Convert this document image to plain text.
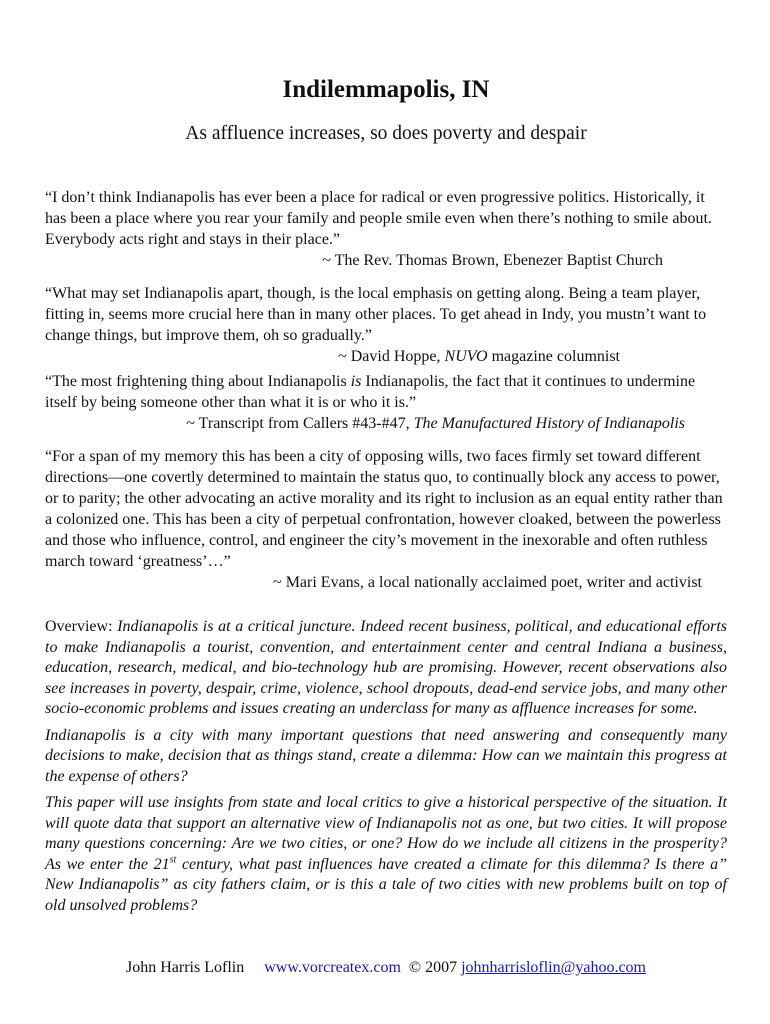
Indilemmapolis, IN
As affluence increases, so does poverty and despair

“I don’t think Indianapolis has ever been a place for radical or even progressive politics. Historically, it has been a place where you rear your family and people smile even when there’s nothing to smile about. Everybody acts right and stays in their place.”

~ The Rev. Thomas Brown, Ebenezer Baptist Church

“What may set Indianapolis apart, though, is the local emphasis on getting along. Being a team player, fitting in, seems more crucial here than in many other places. To get ahead in Indy, you mustn’t want to change things, but improve them, oh so gradually.”

~ David Hoppe, NUVO magazine columnist

“The most frightening thing about Indianapolis is Indianapolis, the fact that it continues to undermine itself by being someone other than what it is or who it is.”

~ Transcript from Callers #43-#47, The Manufactured History of Indianapolis

“For a span of my memory this has been a city of opposing wills, two faces firmly set toward different directions—one covertly determined to maintain the status quo, to continually block any access to power, or to parity; the other advocating an active morality and its right to inclusion as an equal entity rather than a colonized one. This has been a city of perpetual confrontation, however cloaked, between the powerless and those who influence, control, and engineer the city’s movement in the inexorable and often ruthless march toward ‘greatness’…”

~ Mari Evans, a local nationally acclaimed poet, writer and activist

Overview: Indianapolis is at a critical juncture. Indeed recent business, political, and educational efforts to make Indianapolis a tourist, convention, and entertainment center and central Indiana a business, education, research, medical, and bio-technology hub are promising. However, recent observations also see increases in poverty, despair, crime, violence, school dropouts, dead-end service jobs, and many other socio-economic problems and issues creating an underclass for many as affluence increases for some.

Indianapolis is a city with many important questions that need answering and consequently many decisions to make, decision that as things stand, create a dilemma: How can we maintain this progress at the expense of others?

This paper will use insights from state and local critics to give a historical perspective of the situation. It will quote data that support an alternative view of Indianapolis not as one, but two cities. It will propose many questions concerning: Are we two cities, or one? How do we include all citizens in the prosperity? As we enter the 21st century, what past influences have created a climate for this dilemma? Is there a” New Indianapolis” as city fathers claim, or is this a tale of two cities with new problems built on top of old unsolved problems?

John Harris Loflin www.vorcreatex.com © 2007 johnharrisloflin@yahoo.com
